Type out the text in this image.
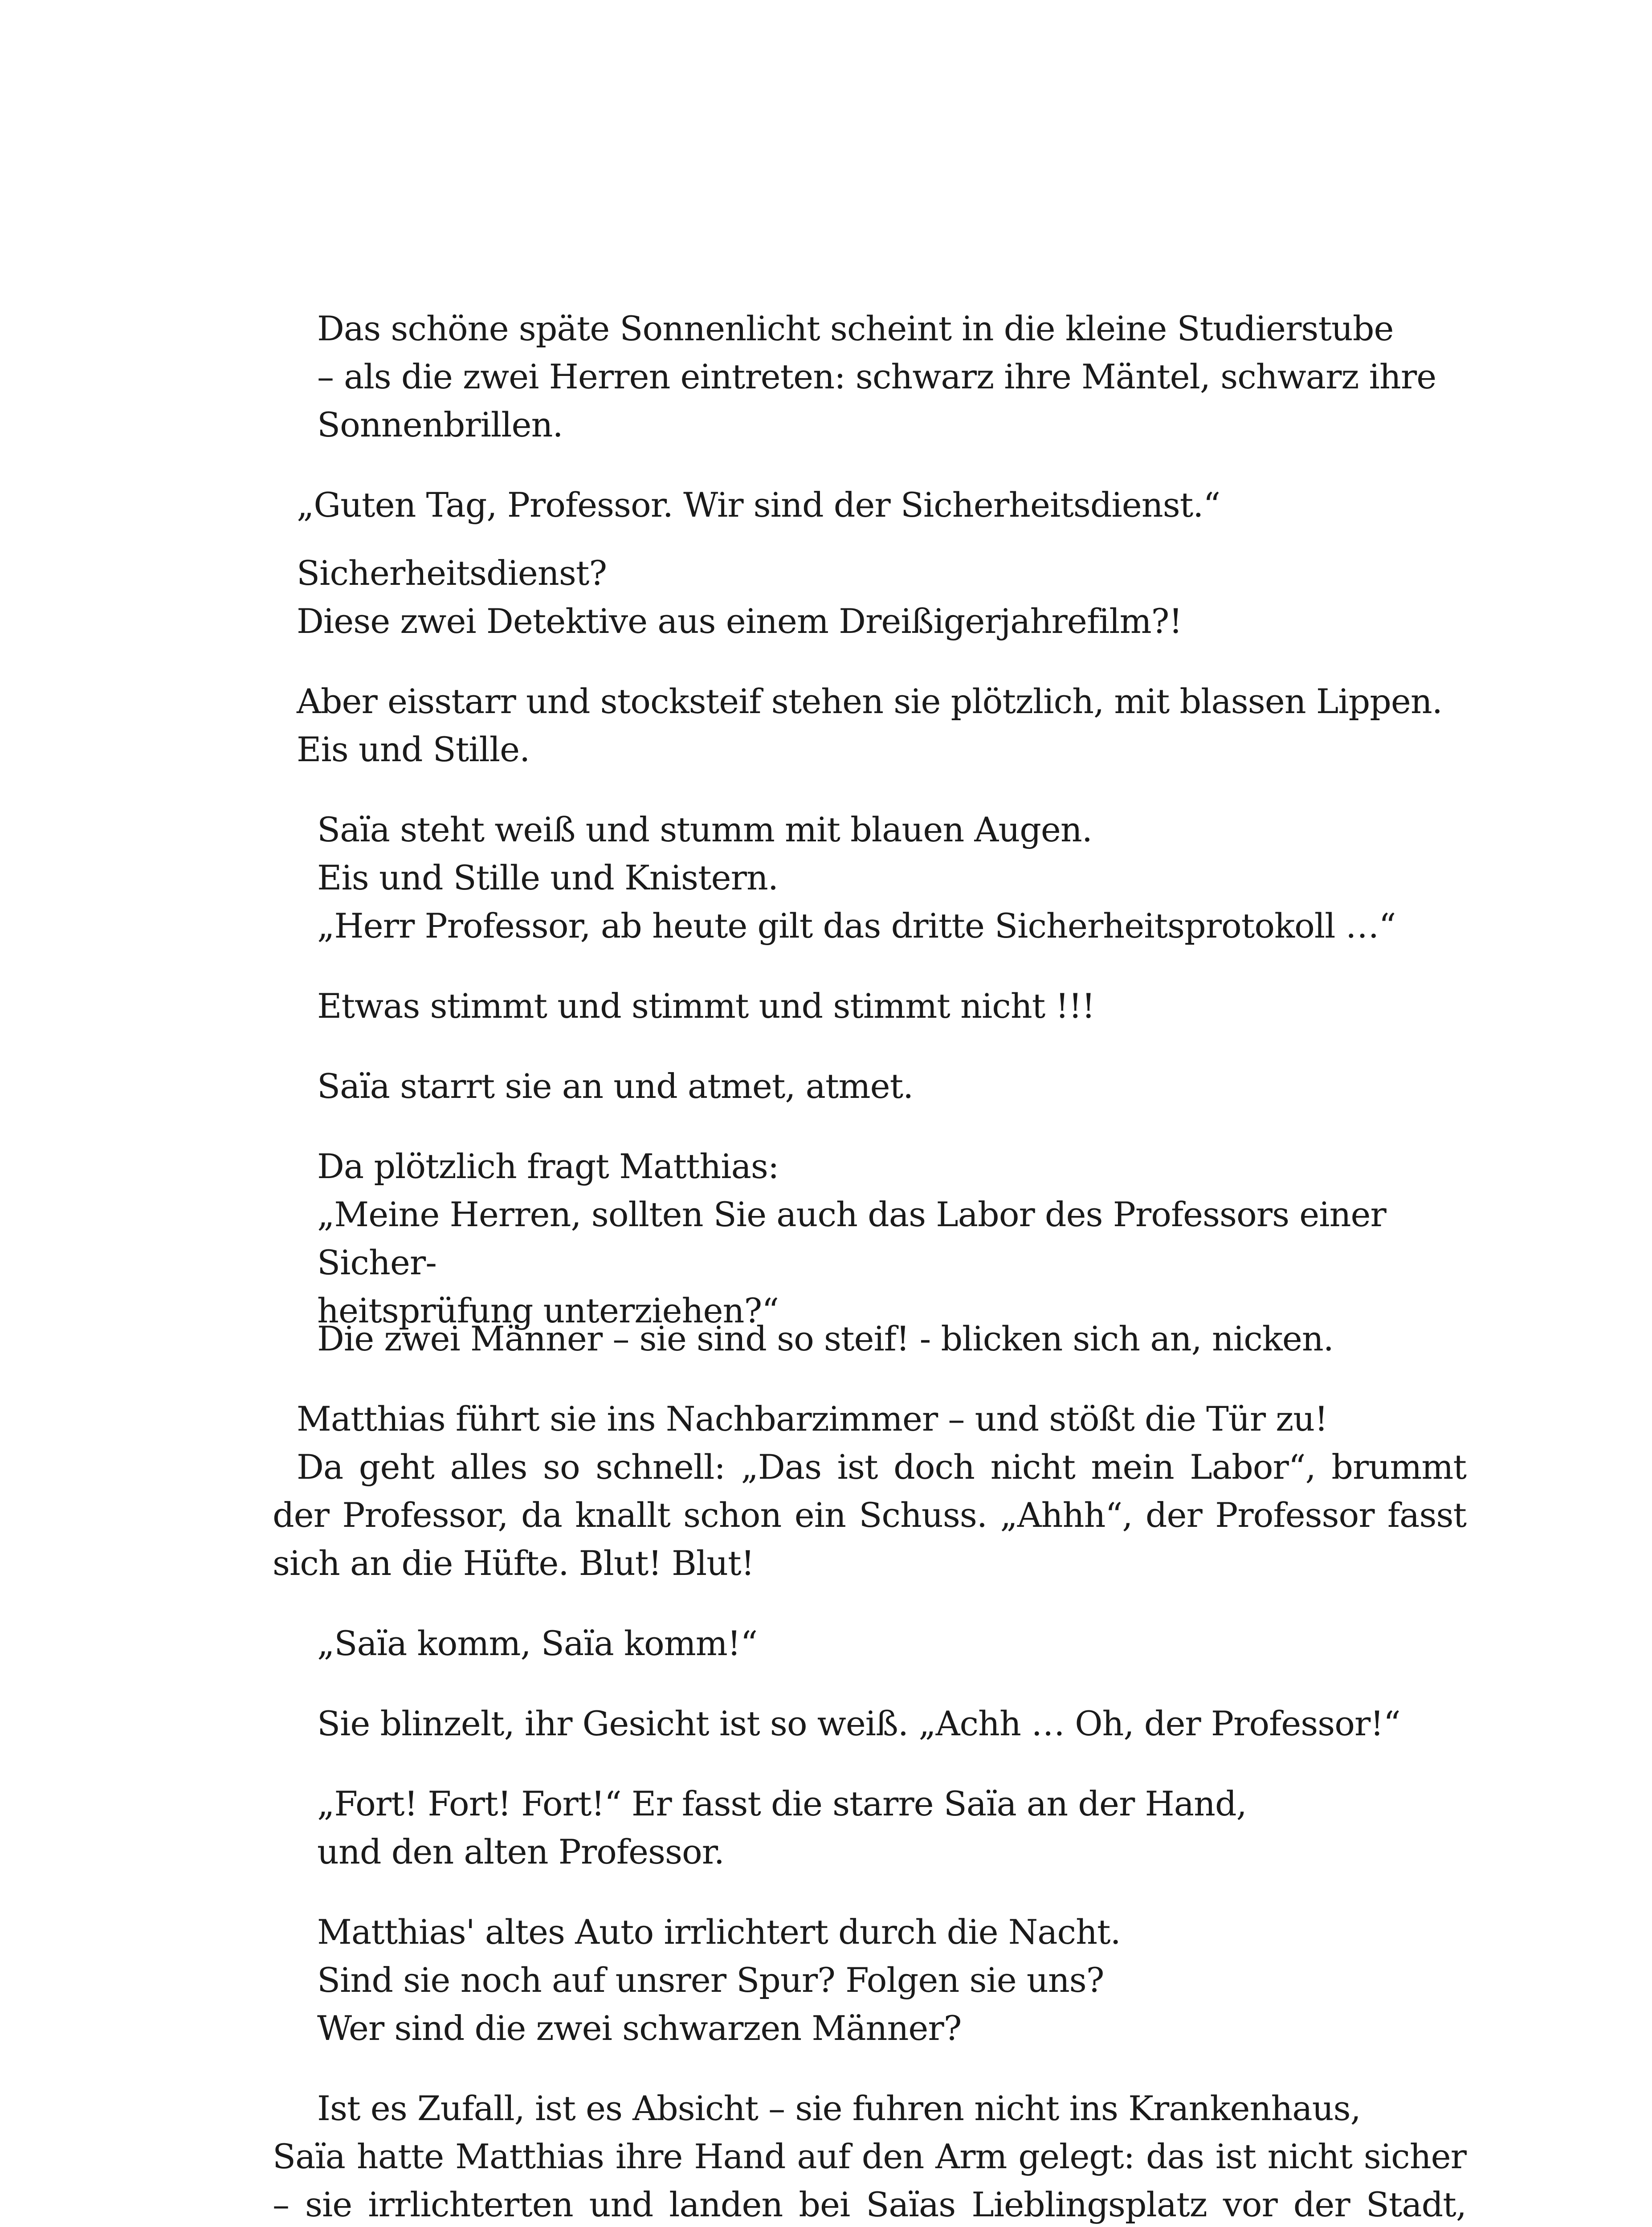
Das schöne späte Sonnenlicht scheint in die kleine Studierstube
– als die zwei Herren eintreten: schwarz ihre Mäntel, schwarz ihre
Sonnenbrillen.

„Guten Tag, Professor. Wir sind der Sicherheitsdienst.“

Sicherheitsdienst?
Diese zwei Detektive aus einem Dreißigerjahrefilm?!

Aber eisstarr und stocksteif stehen sie plötzlich, mit blassen Lippen.
Eis und Stille.

Saïa steht weiß und stumm mit blauen Augen.
Eis und Stille und Knistern.
„Herr Professor, ab heute gilt das dritte Sicherheitsprotokoll …“

Etwas stimmt und stimmt und stimmt nicht !!!

Saïa starrt sie an und atmet, atmet.

Da plötzlich fragt Matthias:
„Meine Herren, sollten Sie auch das Labor des Professors einer Sicher-
heitsprüfung unterziehen?“

Die zwei Männer – sie sind so steif! - blicken sich an, nicken.

Matthias führt sie ins Nachbarzimmer – und stößt die Tür zu!

Da geht alles so schnell: „Das ist doch nicht mein Labor“, brummt der Professor, da knallt schon ein Schuss. „Ahhh“, der Professor fasst sich an die Hüfte. Blut! Blut!

„Saïa komm, Saïa komm!“

Sie blinzelt, ihr Gesicht ist so weiß. „Achh … Oh, der Professor!“

„Fort! Fort! Fort!“ Er fasst die starre Saïa an der Hand,
und den alten Professor.

Matthias' altes Auto irrlichtert durch die Nacht.
Sind sie noch auf unsrer Spur? Folgen sie uns?
Wer sind die zwei schwarzen Männer?

Ist es Zufall, ist es Absicht – sie fuhren nicht ins Krankenhaus,

Saïa hatte Matthias ihre Hand auf den Arm gelegt: das ist nicht sicher – sie irrlichterten und landen bei Saïas Lieblingsplatz vor der Stadt,
